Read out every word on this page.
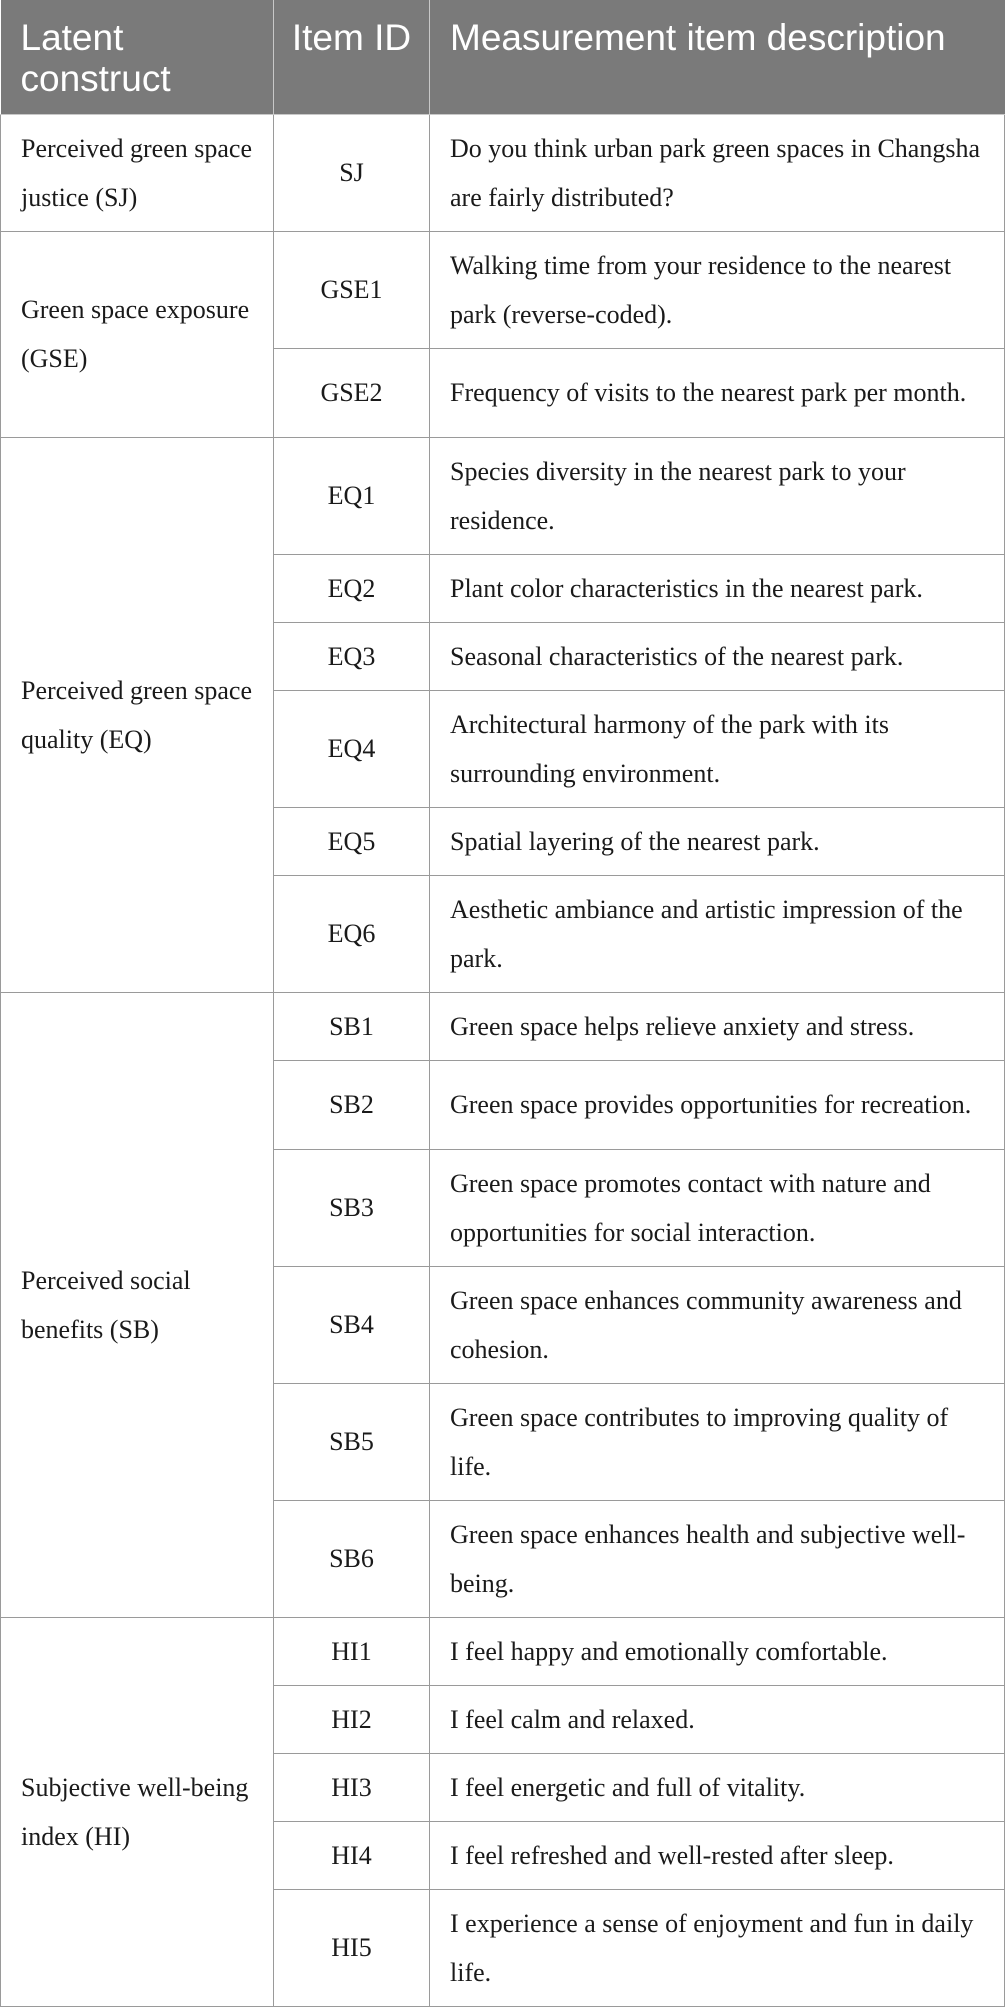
Latent construct	Item ID	Measurement item description
Perceived green space justice (SJ)	SJ	Do you think urban park green spaces in Changsha are fairly distributed?
Green space exposure (GSE)	GSE1	Walking time from your residence to the nearest park (reverse-coded).
	GSE2	Frequency of visits to the nearest park per month.
Perceived green space quality (EQ)	EQ1	Species diversity in the nearest park to your residence.
	EQ2	Plant color characteristics in the nearest park.
	EQ3	Seasonal characteristics of the nearest park.
	EQ4	Architectural harmony of the park with its surrounding environment.
	EQ5	Spatial layering of the nearest park.
	EQ6	Aesthetic ambiance and artistic impression of the park.
Perceived social benefits (SB)	SB1	Green space helps relieve anxiety and stress.
	SB2	Green space provides opportunities for recreation.
	SB3	Green space promotes contact with nature and opportunities for social interaction.
	SB4	Green space enhances community awareness and cohesion.
	SB5	Green space contributes to improving quality of life.
	SB6	Green space enhances health and subjective well-being.
Subjective well-being index (HI)	HI1	I feel happy and emotionally comfortable.
	HI2	I feel calm and relaxed.
	HI3	I feel energetic and full of vitality.
	HI4	I feel refreshed and well-rested after sleep.
	HI5	I experience a sense of enjoyment and fun in daily life.
